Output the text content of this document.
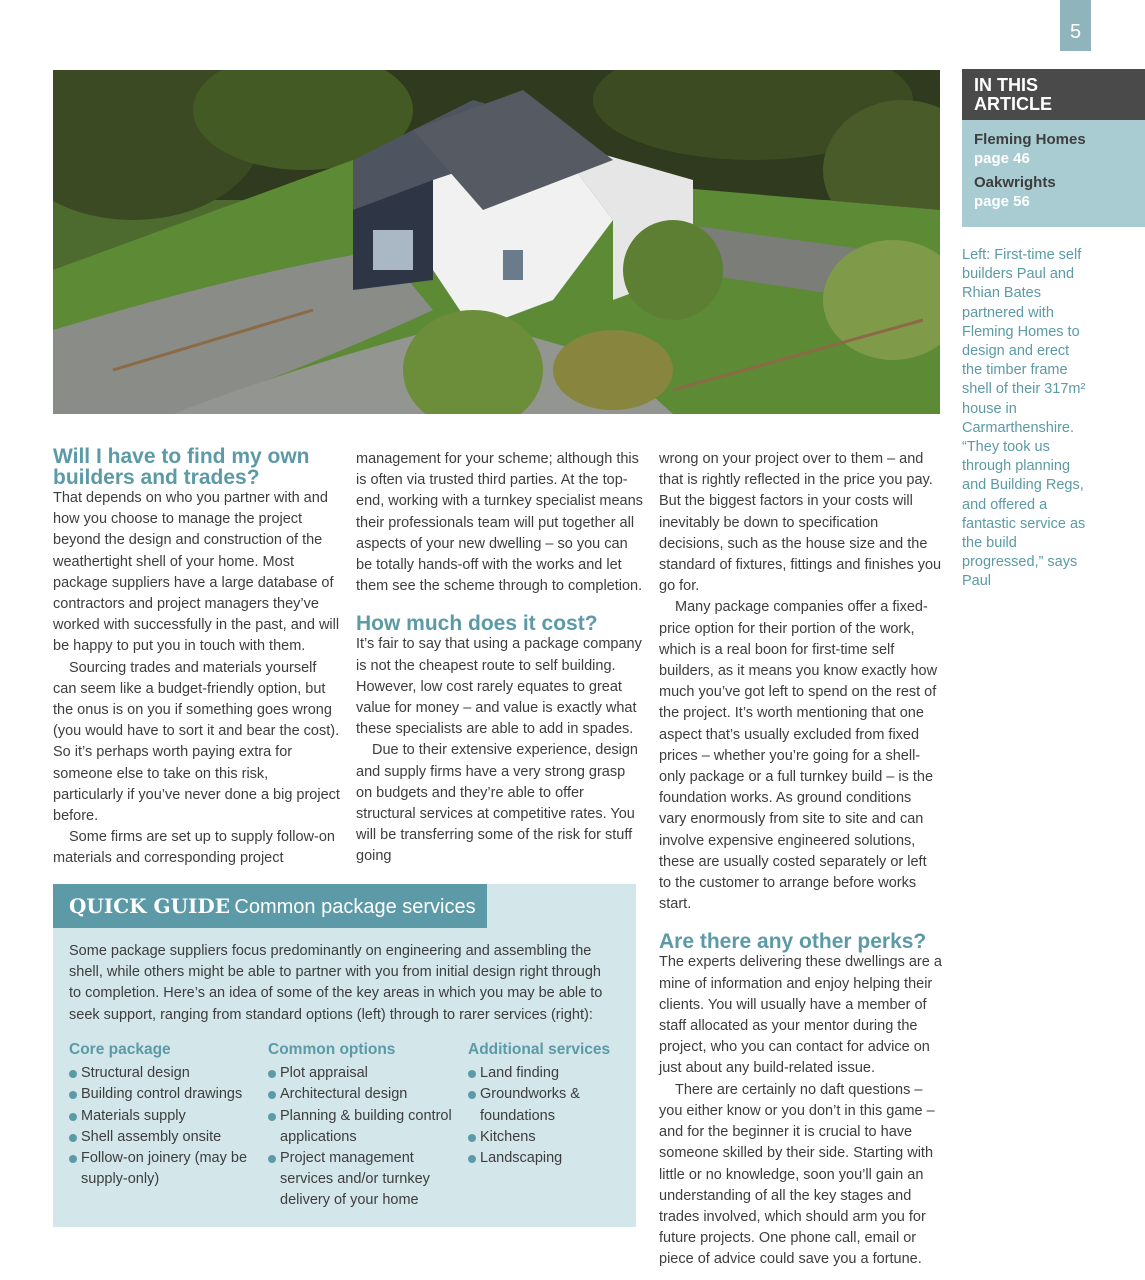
5
IN THIS
ARTICLE
Fleming Homes
page 46
Oakwrights
page 56
Left: First-time self builders Paul and Rhian Bates partnered with Fleming Homes to design and erect the timber frame shell of their 317m² house in Carmarthenshire. “They took us through planning and Building Regs, and offered a fantastic service as the build progressed,” says Paul
Will I have to find my own builders and trades?

That depends on who you partner with and how you choose to manage the project beyond the design and construction of the weathertight shell of your home. Most package suppliers have a large database of contractors and project managers they’ve worked with successfully in the past, and will be happy to put you in touch with them.

Sourcing trades and materials yourself can seem like a budget-friendly option, but the onus is on you if something goes wrong (you would have to sort it and bear the cost). So it’s perhaps worth paying extra for someone else to take on this risk, particularly if you’ve never done a big project before.

Some firms are set up to supply follow-on materials and corresponding project

management for your scheme; although this is often via trusted third parties. At the top-end, working with a turnkey specialist means their professionals team will put together all aspects of your new dwelling – so you can be totally hands-off with the works and let them see the scheme through to completion.

How much does it cost?

It’s fair to say that using a package company is not the cheapest route to self building. However, low cost rarely equates to great value for money – and value is exactly what these specialists are able to add in spades.

Due to their extensive experience, design and supply firms have a very strong grasp on budgets and they’re able to offer structural services at competitive rates. You will be transferring some of the risk for stuff going

wrong on your project over to them – and that is rightly reflected in the price you pay. But the biggest factors in your costs will inevitably be down to specification decisions, such as the house size and the standard of fixtures, fittings and finishes you go for.

Many package companies offer a fixed-price option for their portion of the work, which is a real boon for first-time self builders, as it means you know exactly how much you’ve got left to spend on the rest of the project. It’s worth mentioning that one aspect that’s usually excluded from fixed prices – whether you’re going for a shell-only package or a full turnkey build – is the foundation works. As ground conditions vary enormously from site to site and can involve expensive engineered solutions, these are usually costed separately or left to the customer to arrange before works start.

Are there any other perks?

The experts delivering these dwellings are a mine of information and enjoy helping their clients. You will usually have a member of staff allocated as your mentor during the project, who you can contact for advice on just about any build-related issue.

There are certainly no daft questions – you either know or you don’t in this game – and for the beginner it is crucial to have someone skilled by their side. Starting with little or no knowledge, soon you’ll gain an understanding of all the key stages and trades involved, which should arm you for future projects. One phone call, email or piece of advice could save you a fortune.

QUICK GUIDE Common package services
Some package suppliers focus predominantly on engineering and assembling the shell, while others might be able to partner with you from initial design right through to completion. Here’s an idea of some of the key areas in which you may be able to seek support, ranging from standard options (left) through to rarer services (right):
Core package
Structural design
Building control drawings
Materials supply
Shell assembly onsite
Follow-on joinery (may be supply-only)
Common options
Plot appraisal
Architectural design
Planning & building control applications
Project management services and/or turnkey delivery of your home
Additional services
Land finding
Groundworks & foundations
Kitchens
Landscaping
